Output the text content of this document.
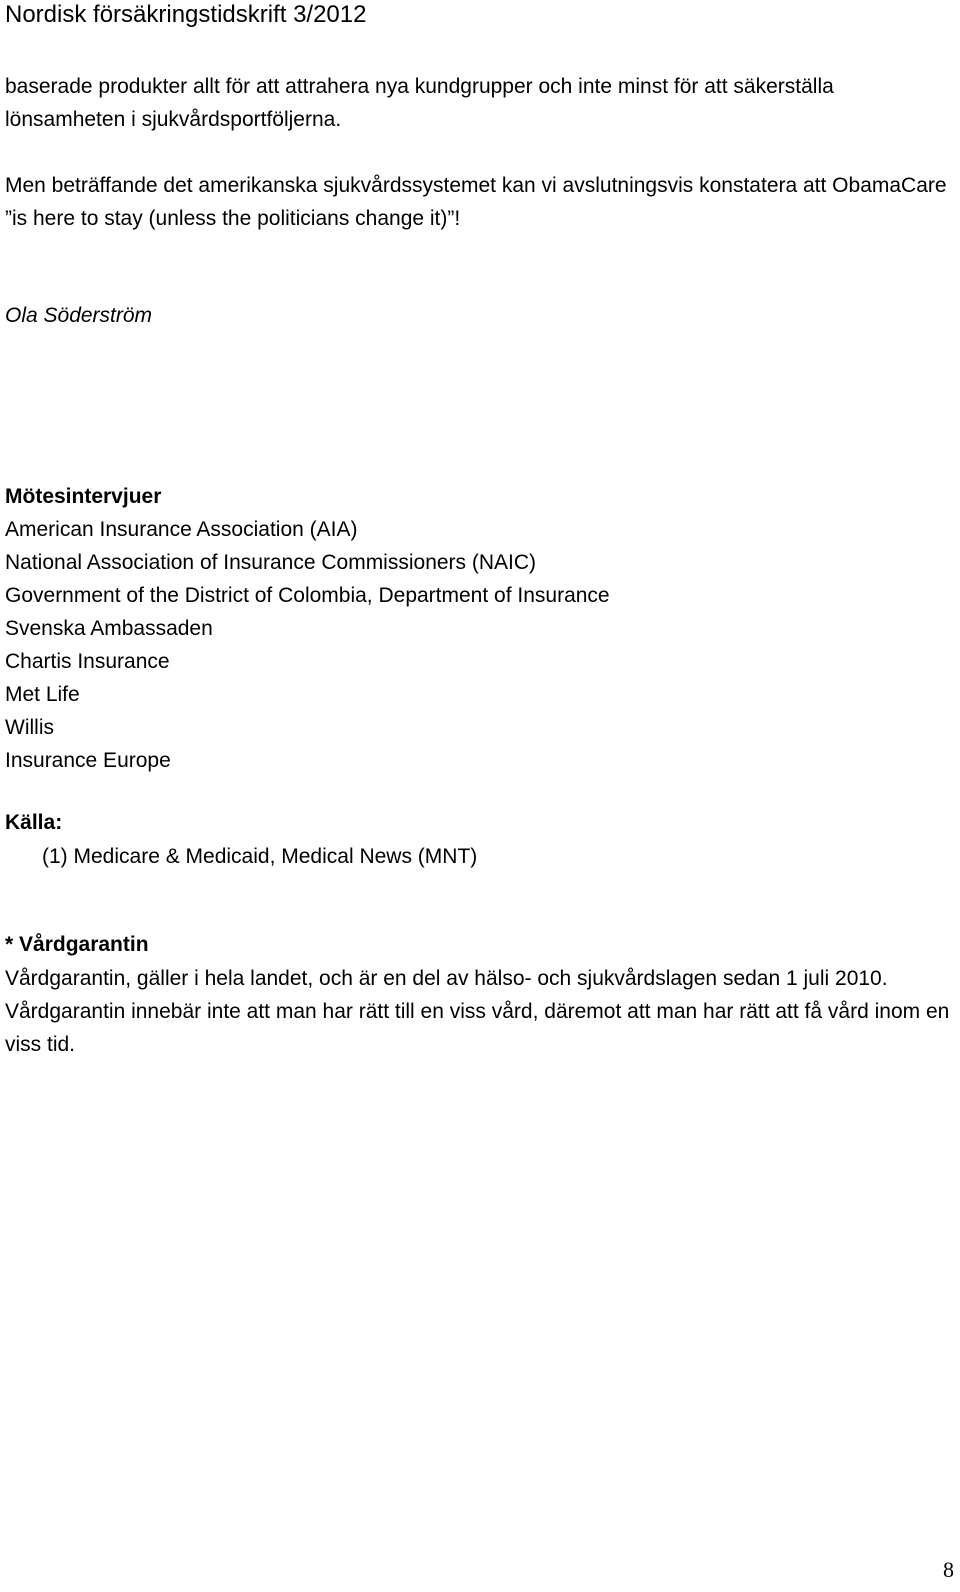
Nordisk försäkringstidskrift 3/2012

baserade produkter allt för att attrahera nya kundgrupper och inte minst för att säkerställa lönsamheten i sjukvårdsportföljerna.

Men beträffande det amerikanska sjukvårdssystemet kan vi avslutningsvis konstatera att ObamaCare ”is here to stay (unless the politicians change it)”!

Ola Söderström

Mötesintervjuer

American Insurance Association (AIA)
National Association of Insurance Commissioners (NAIC)
Government of the District of Colombia, Department of Insurance
Svenska Ambassaden
Chartis Insurance
Met Life
Willis
Insurance Europe

Källa:

(1) Medicare & Medicaid, Medical News (MNT)

* Vårdgarantin

Vårdgarantin, gäller i hela landet, och är en del av hälso- och sjukvårdslagen sedan 1 juli 2010. Vårdgarantin innebär inte att man har rätt till en viss vård, däremot att man har rätt att få vård inom en viss tid.

8
